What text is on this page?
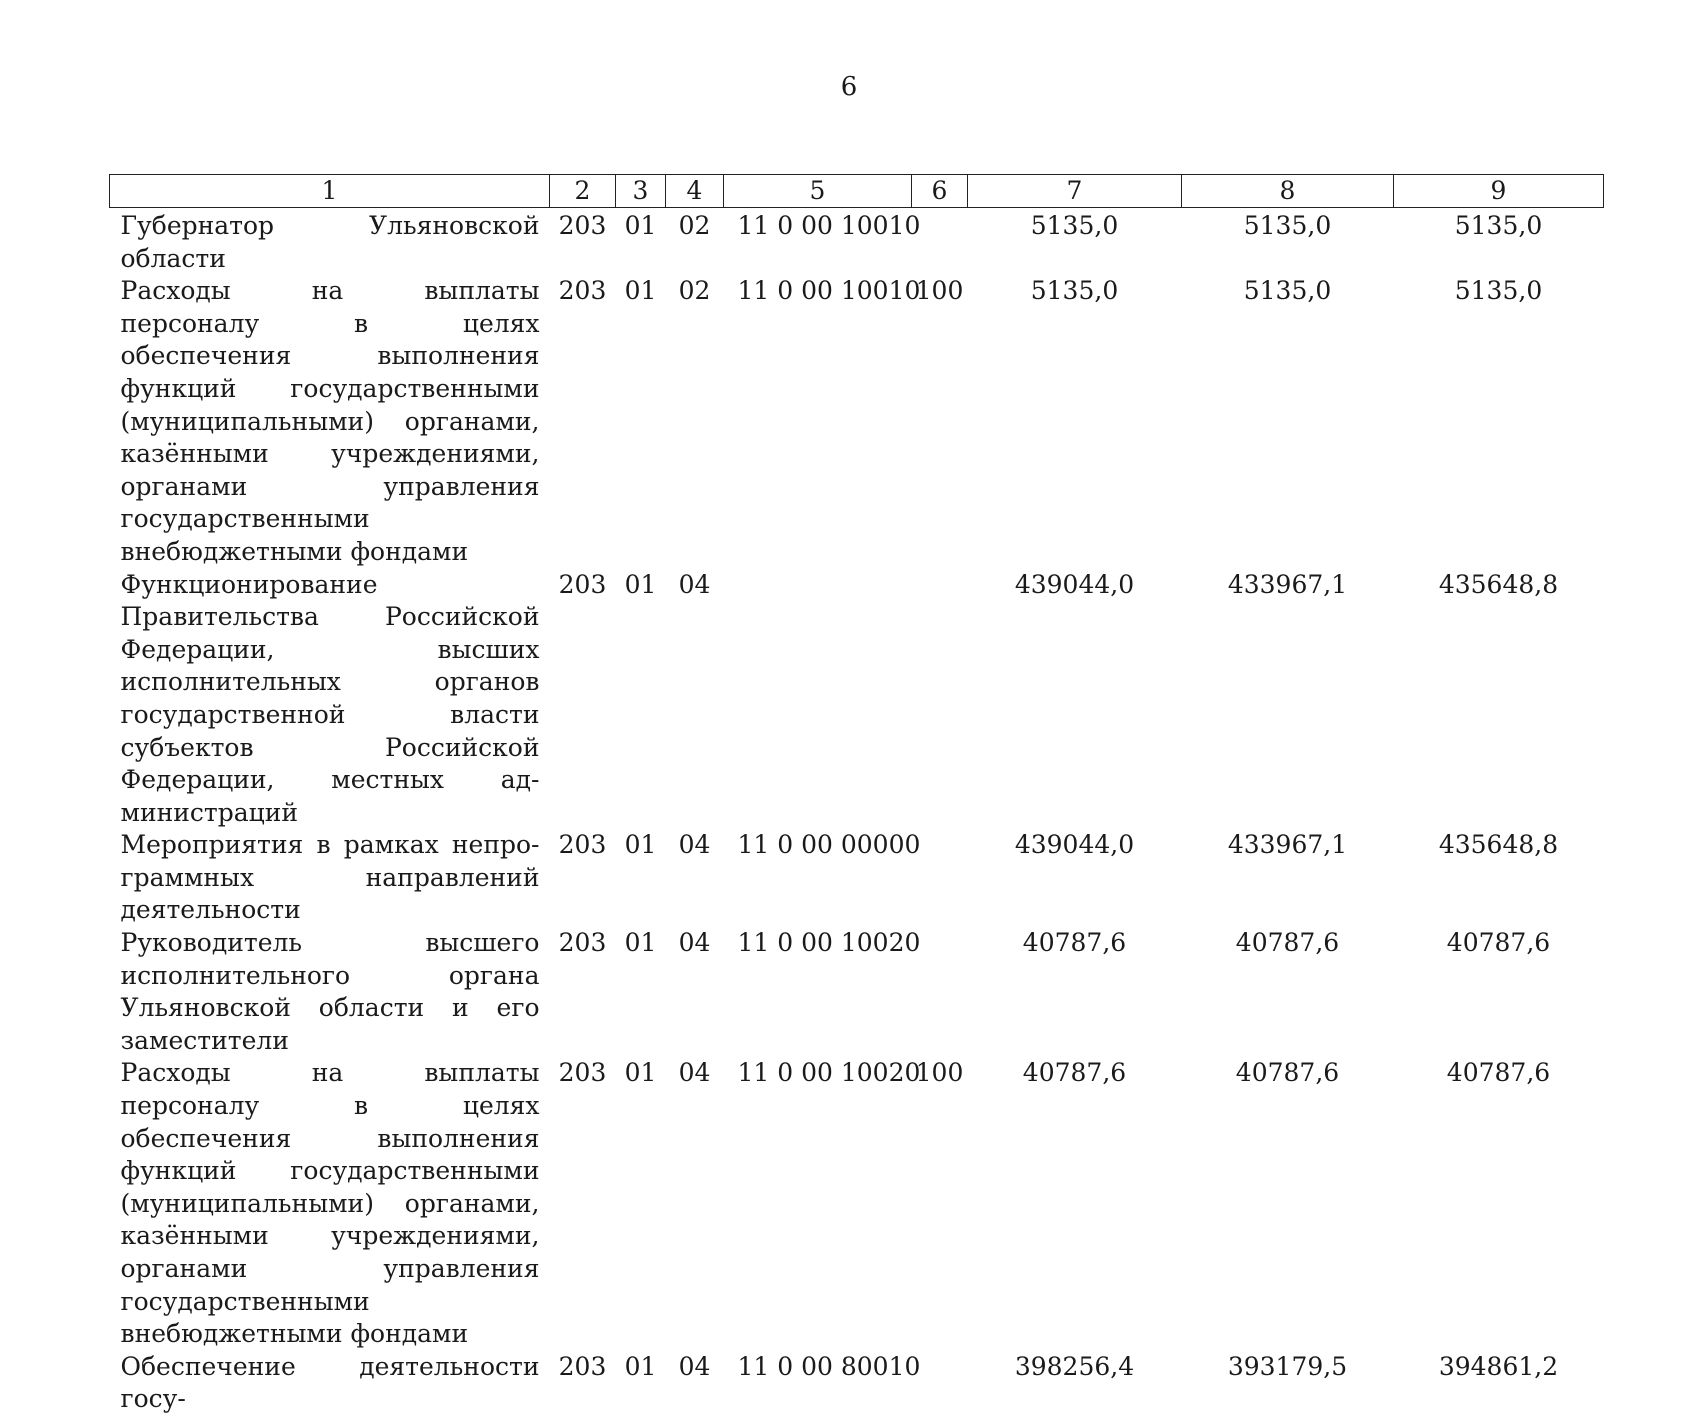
6
1	2	3	4	5	6	7	8	9
Губернатор Ульяновской области	203	01	02	11 0 00 10010		5135,0	5135,0	5135,0
Расходы на выплаты персоналу в целях обеспечения выполнения функций государственными (муниципальными) органами, казёнными учреждениями, органами управления государственными внебюджетными фондами	203	01	02	11 0 00 10010	100	5135,0	5135,0	5135,0
Функционирование Правительства Российской Федерации, высших исполнительных органов государственной власти субъектов Российской Федерации, местных администраций	203	01	04			439044,0	433967,1	435648,8
Мероприятия в рамках непрограммных направлений деятельности	203	01	04	11 0 00 00000		439044,0	433967,1	435648,8
Руководитель высшего исполнительного органа Ульяновской области и его заместители	203	01	04	11 0 00 10020		40787,6	40787,6	40787,6
Расходы на выплаты персоналу в целях обеспечения выполнения функций государственными (муниципальными) органами, казёнными учреждениями, органами управления государственными внебюджетными фондами	203	01	04	11 0 00 10020	100	40787,6	40787,6	40787,6
Обеспечение деятельности госу-	203	01	04	11 0 00 80010		398256,4	393179,5	394861,2
